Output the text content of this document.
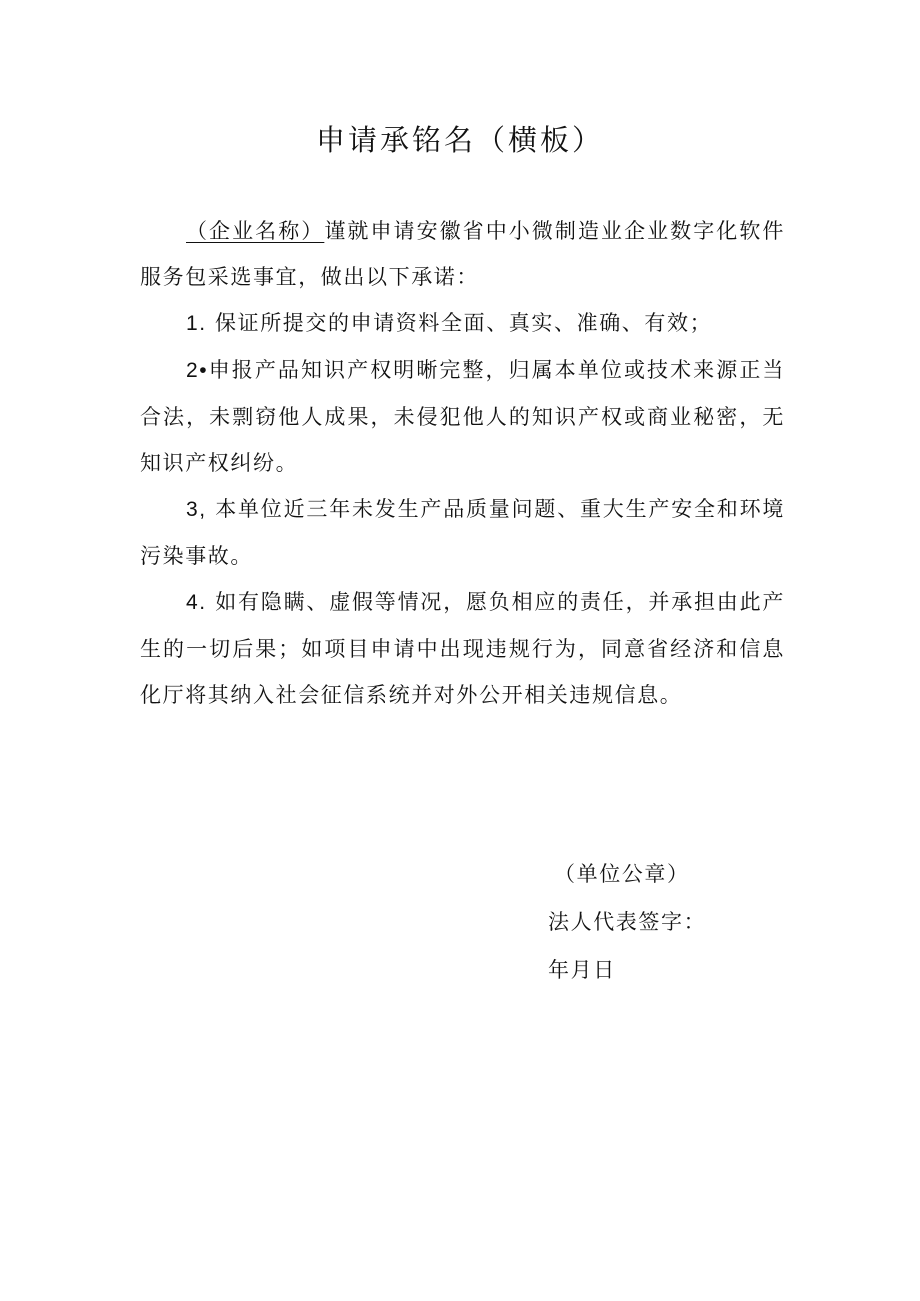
申请承铭名（横板）

（企业名称）谨就申请安徽省中小微制造业企业数字化软件服务包采选事宜，做出以下承诺：

1. 保证所提交的申请资料全面、真实、准确、有效；

2•申报产品知识产权明晰完整，归属本单位或技术来源正当合法，未剽窃他人成果，未侵犯他人的知识产权或商业秘密，无知识产权纠纷。

3, 本单位近三年未发生产品质量问题、重大生产安全和环境污染事故。

4. 如有隐瞒、虚假等情况，愿负相应的责任，并承担由此产生的一切后果；如项目申请中出现违规行为，同意省经济和信息化厅将其纳入社会征信系统并对外公开相关违规信息。

（单位公章）
法人代表签字：
年月日
